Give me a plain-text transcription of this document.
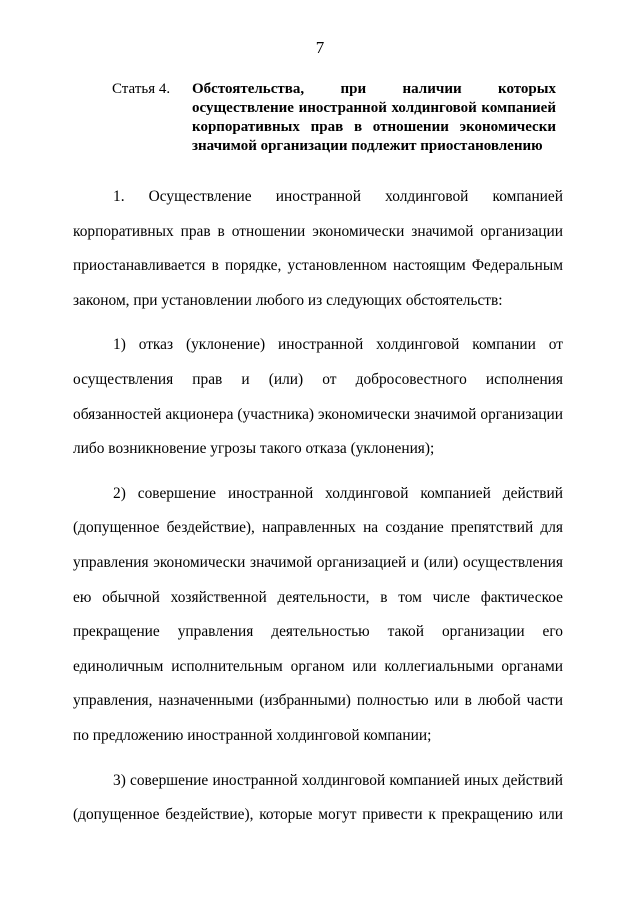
7
Статья 4. Обстоятельства, при наличии которых осуществление иностранной холдинговой компанией корпоративных прав в отношении экономически значимой организации подлежит приостановлению

1. Осуществление иностранной холдинговой компанией корпоративных прав в отношении экономически значимой организации приостанавливается в порядке, установленном настоящим Федеральным законом, при установлении любого из следующих обстоятельств:

1) отказ (уклонение) иностранной холдинговой компании от осуществления прав и (или) от добросовестного исполнения обязанностей акционера (участника) экономически значимой организации либо возникновение угрозы такого отказа (уклонения);

2) совершение иностранной холдинговой компанией действий (допущенное бездействие), направленных на создание препятствий для управления экономически значимой организацией и (или) осуществления ею обычной хозяйственной деятельности, в том числе фактическое прекращение управления деятельностью такой организации его единоличным исполнительным органом или коллегиальными органами управления, назначенными (избранными) полностью или в любой части по предложению иностранной холдинговой компании;

3) совершение иностранной холдинговой компанией иных действий (допущенное бездействие), которые могут привести к прекращению или
